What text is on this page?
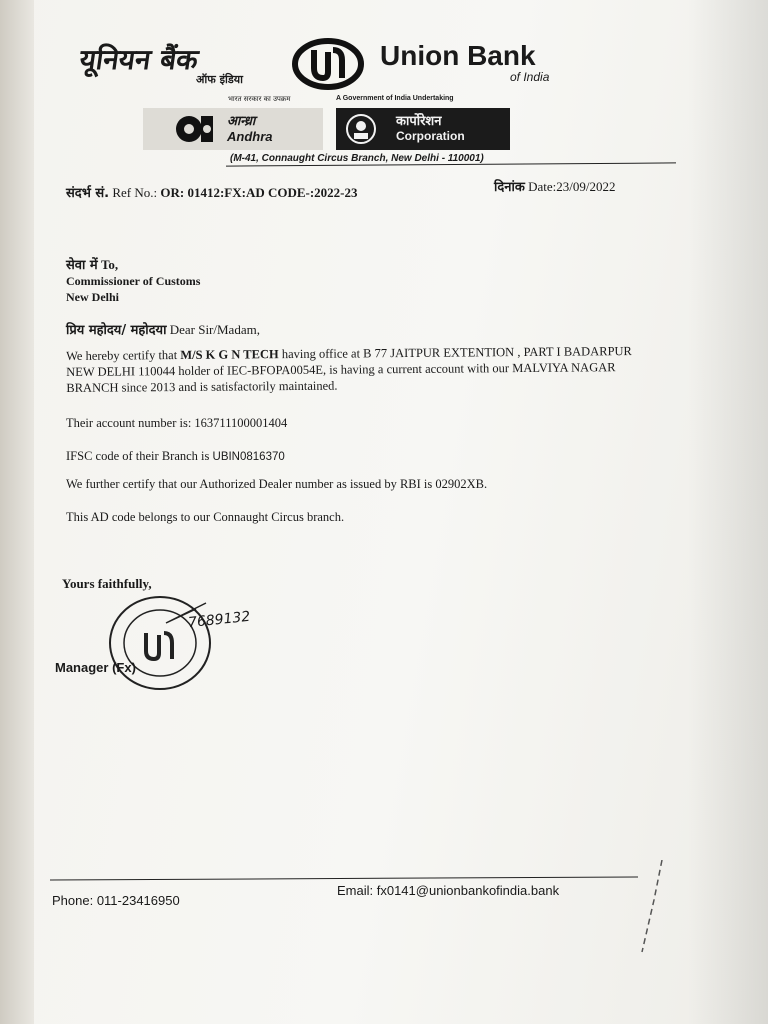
यूनियन बैंक
ऑफ इंडिया
Union Bank
of India
भारत सरकार का उपक्रम	A Government of India Undertaking
आन्ध्रा
Andhra
कार्पोरेशन
Corporation
(M-41, Connaught Circus Branch, New Delhi - 110001)
संदर्भ सं. Ref No.: OR: 01412:FX:AD CODE-:2022-23	दिनांक Date:23/09/2022
सेवा में To,
Commissioner of Customs
New Delhi
प्रिय महोदय/ महोदया Dear Sir/Madam,
We hereby certify that M/S K G N TECH having office at B 77 JAITPUR EXTENTION , PART I BADARPUR NEW DELHI 110044 holder of IEC-BFOPA0054E, is having a current account with our MALVIYA NAGAR BRANCH since 2013 and is satisfactorily maintained.
Their account number is: 163711100001404
IFSC code of their Branch is UBIN0816370
We further certify that our Authorized Dealer number as issued by RBI is 02902XB.
This AD code belongs to our Connaught Circus branch.
Yours faithfully,
7689132
Manager (Fx)
Phone: 011-23416950
Email: fx0141@unionbankofindia.bank
